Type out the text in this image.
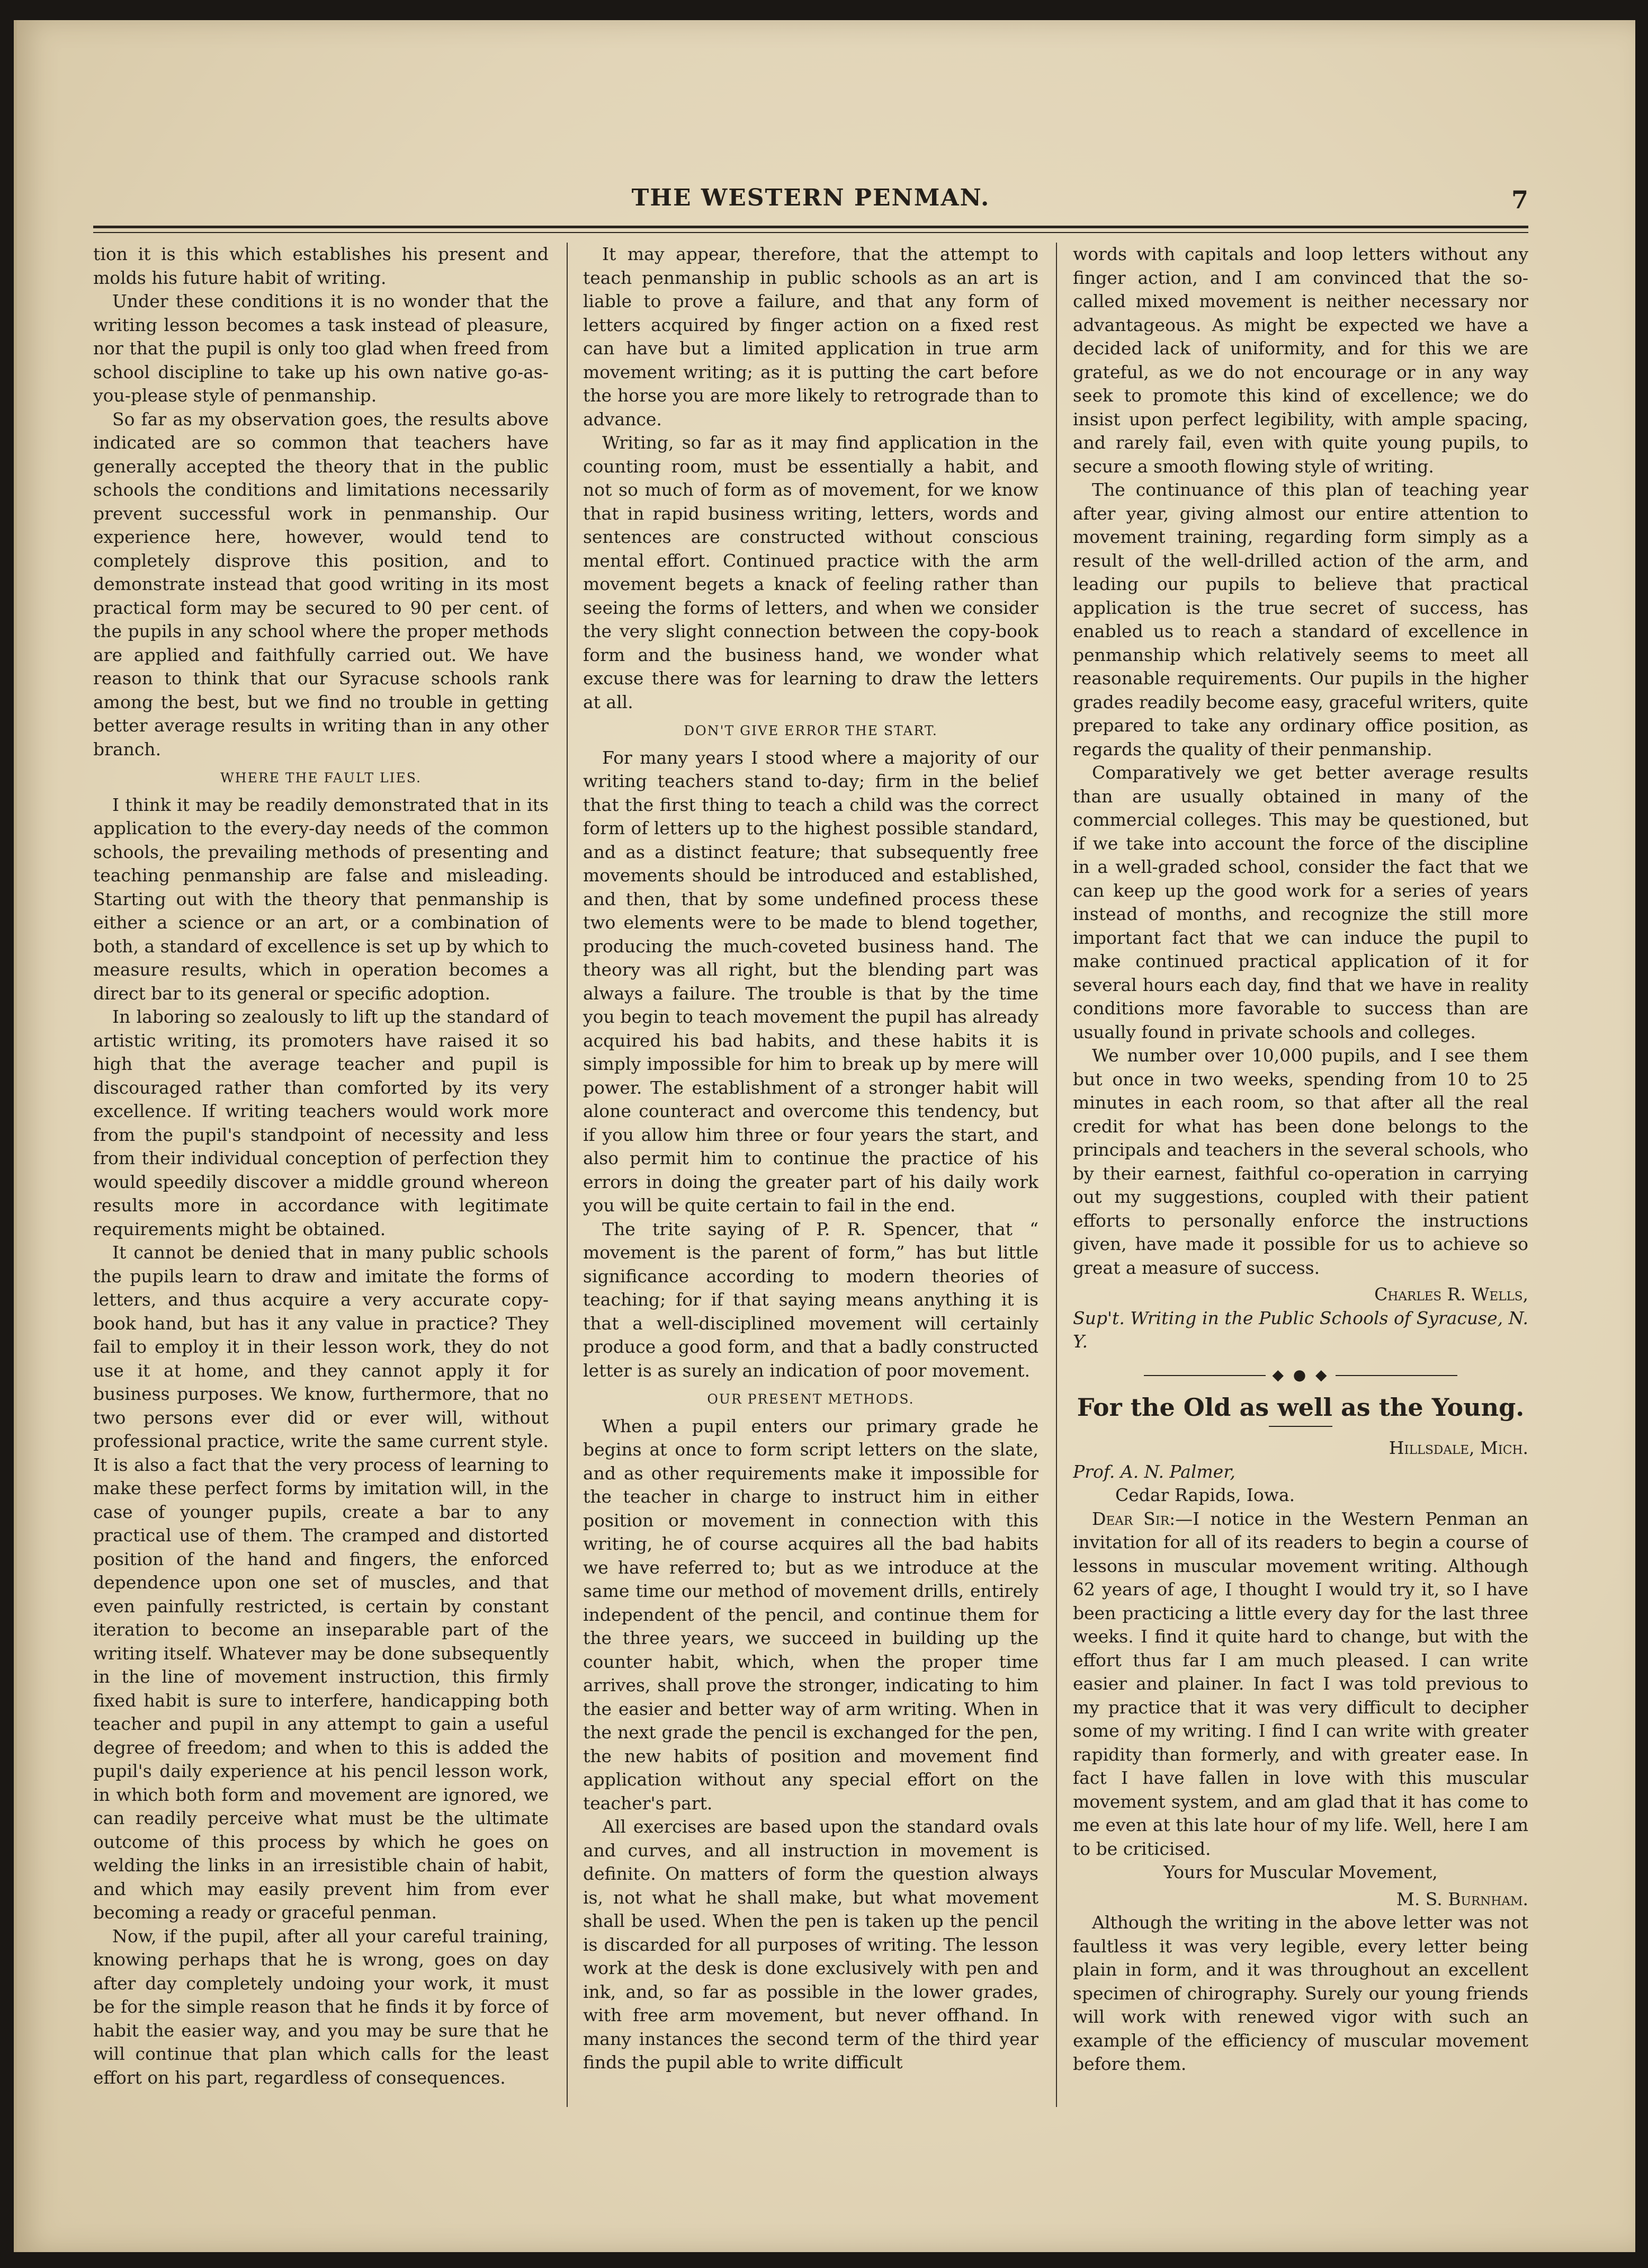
THE WESTERN PENMAN.	7

tion it is this which establishes his present and molds his future habit of writing.

Under these conditions it is no wonder that the writing lesson becomes a task instead of pleasure, nor that the pupil is only too glad when freed from school discipline to take up his own native go-as-you-please style of penmanship.

So far as my observation goes, the results above indicated are so common that teachers have generally accepted the theory that in the public schools the conditions and limitations necessarily prevent successful work in penmanship. Our experience here, however, would tend to completely disprove this position, and to demonstrate instead that good writing in its most practical form may be secured to 90 per cent. of the pupils in any school where the proper methods are applied and faithfully carried out. We have reason to think that our Syracuse schools rank among the best, but we find no trouble in getting better average results in writing than in any other branch.

WHERE THE FAULT LIES.

I think it may be readily demonstrated that in its application to the every-day needs of the common schools, the prevailing methods of presenting and teaching penmanship are false and misleading. Starting out with the theory that penmanship is either a science or an art, or a combination of both, a standard of excellence is set up by which to measure results, which in operation becomes a direct bar to its general or specific adoption.

In laboring so zealously to lift up the standard of artistic writing, its promoters have raised it so high that the average teacher and pupil is discouraged rather than comforted by its very excellence. If writing teachers would work more from the pupil's standpoint of necessity and less from their individual conception of perfection they would speedily discover a middle ground whereon results more in accordance with legitimate requirements might be obtained.

It cannot be denied that in many public schools the pupils learn to draw and imitate the forms of letters, and thus acquire a very accurate copy-book hand, but has it any value in practice? They fail to employ it in their lesson work, they do not use it at home, and they cannot apply it for business purposes. We know, furthermore, that no two persons ever did or ever will, without professional practice, write the same current style. It is also a fact that the very process of learning to make these perfect forms by imitation will, in the case of younger pupils, create a bar to any practical use of them. The cramped and distorted position of the hand and fingers, the enforced dependence upon one set of muscles, and that even painfully restricted, is certain by constant iteration to become an inseparable part of the writing itself. Whatever may be done subsequently in the line of movement instruction, this firmly fixed habit is sure to interfere, handicapping both teacher and pupil in any attempt to gain a useful degree of freedom; and when to this is added the pupil's daily experience at his pencil lesson work, in which both form and movement are ignored, we can readily perceive what must be the ultimate outcome of this process by which he goes on welding the links in an irresistible chain of habit, and which may easily prevent him from ever becoming a ready or graceful penman.

Now, if the pupil, after all your careful training, knowing perhaps that he is wrong, goes on day after day completely undoing your work, it must be for the simple reason that he finds it by force of habit the easier way, and you may be sure that he will continue that plan which calls for the least effort on his part, regardless of consequences.

It may appear, therefore, that the attempt to teach penmanship in public schools as an art is liable to prove a failure, and that any form of letters acquired by finger action on a fixed rest can have but a limited application in true arm movement writing; as it is putting the cart before the horse you are more likely to retrograde than to advance.

Writing, so far as it may find application in the counting room, must be essentially a habit, and not so much of form as of movement, for we know that in rapid business writing, letters, words and sentences are constructed without conscious mental effort. Continued practice with the arm movement begets a knack of feeling rather than seeing the forms of letters, and when we consider the very slight connection between the copy-book form and the business hand, we wonder what excuse there was for learning to draw the letters at all.

DON'T GIVE ERROR THE START.

For many years I stood where a majority of our writing teachers stand to-day; firm in the belief that the first thing to teach a child was the correct form of letters up to the highest possible standard, and as a distinct feature; that subsequently free movements should be introduced and established, and then, that by some undefined process these two elements were to be made to blend together, producing the much-coveted business hand. The theory was all right, but the blending part was always a failure. The trouble is that by the time you begin to teach movement the pupil has already acquired his bad habits, and these habits it is simply impossible for him to break up by mere will power. The establishment of a stronger habit will alone counteract and overcome this tendency, but if you allow him three or four years the start, and also permit him to continue the practice of his errors in doing the greater part of his daily work you will be quite certain to fail in the end.

The trite saying of P. R. Spencer, that “ movement is the parent of form,” has but little significance according to modern theories of teaching; for if that saying means anything it is that a well-disciplined movement will certainly produce a good form, and that a badly constructed letter is as surely an indication of poor movement.

OUR PRESENT METHODS.

When a pupil enters our primary grade he begins at once to form script letters on the slate, and as other requirements make it impossible for the teacher in charge to instruct him in either position or movement in connection with this writing, he of course acquires all the bad habits we have referred to; but as we introduce at the same time our method of movement drills, entirely independent of the pencil, and continue them for the three years, we succeed in building up the counter habit, which, when the proper time arrives, shall prove the stronger, indicating to him the easier and better way of arm writing. When in the next grade the pencil is exchanged for the pen, the new habits of position and movement find application without any special effort on the teacher's part.

All exercises are based upon the standard ovals and curves, and all instruction in movement is definite. On matters of form the question always is, not what he shall make, but what movement shall be used. When the pen is taken up the pencil is discarded for all purposes of writing. The lesson work at the desk is done exclusively with pen and ink, and, so far as possible in the lower grades, with free arm movement, but never offhand. In many instances the second term of the third year finds the pupil able to write difficult

words with capitals and loop letters without any finger action, and I am convinced that the so-called mixed movement is neither necessary nor advantageous. As might be expected we have a decided lack of uniformity, and for this we are grateful, as we do not encourage or in any way seek to promote this kind of excellence; we do insist upon perfect legibility, with ample spacing, and rarely fail, even with quite young pupils, to secure a smooth flowing style of writing.

The continuance of this plan of teaching year after year, giving almost our entire attention to movement training, regarding form simply as a result of the well-drilled action of the arm, and leading our pupils to believe that practical application is the true secret of success, has enabled us to reach a standard of excellence in penmanship which relatively seems to meet all reasonable requirements. Our pupils in the higher grades readily become easy, graceful writers, quite prepared to take any ordinary office position, as regards the quality of their penmanship.

Comparatively we get better average results than are usually obtained in many of the commercial colleges. This may be questioned, but if we take into account the force of the discipline in a well-graded school, consider the fact that we can keep up the good work for a series of years instead of months, and recognize the still more important fact that we can induce the pupil to make continued practical application of it for several hours each day, find that we have in reality conditions more favorable to success than are usually found in private schools and colleges.

We number over 10,000 pupils, and I see them but once in two weeks, spending from 10 to 25 minutes in each room, so that after all the real credit for what has been done belongs to the principals and teachers in the several schools, who by their earnest, faithful co-operation in carrying out my suggestions, coupled with their patient efforts to personally enforce the instructions given, have made it possible for us to achieve so great a measure of success.

Charles R. Wells,
Sup't. Writing in the Public Schools of Syracuse, N. Y.
◆ ● ◆
For the Old as well as the Young.
Hillsdale, Mich.
Prof. A. N. Palmer,
Cedar Rapids, Iowa.

Dear Sir:—I notice in the Western Penman an invitation for all of its readers to begin a course of lessons in muscular movement writing. Although 62 years of age, I thought I would try it, so I have been practicing a little every day for the last three weeks. I find it quite hard to change, but with the effort thus far I am much pleased. I can write easier and plainer. In fact I was told previous to my practice that it was very difficult to decipher some of my writing. I find I can write with greater rapidity than formerly, and with greater ease. In fact I have fallen in love with this muscular movement system, and am glad that it has come to me even at this late hour of my life. Well, here I am to be criticised.

Yours for Muscular Movement,
M. S. Burnham.

Although the writing in the above letter was not faultless it was very legible, every letter being plain in form, and it was throughout an excellent specimen of chirography. Surely our young friends will work with renewed vigor with such an example of the efficiency of muscular movement before them.
